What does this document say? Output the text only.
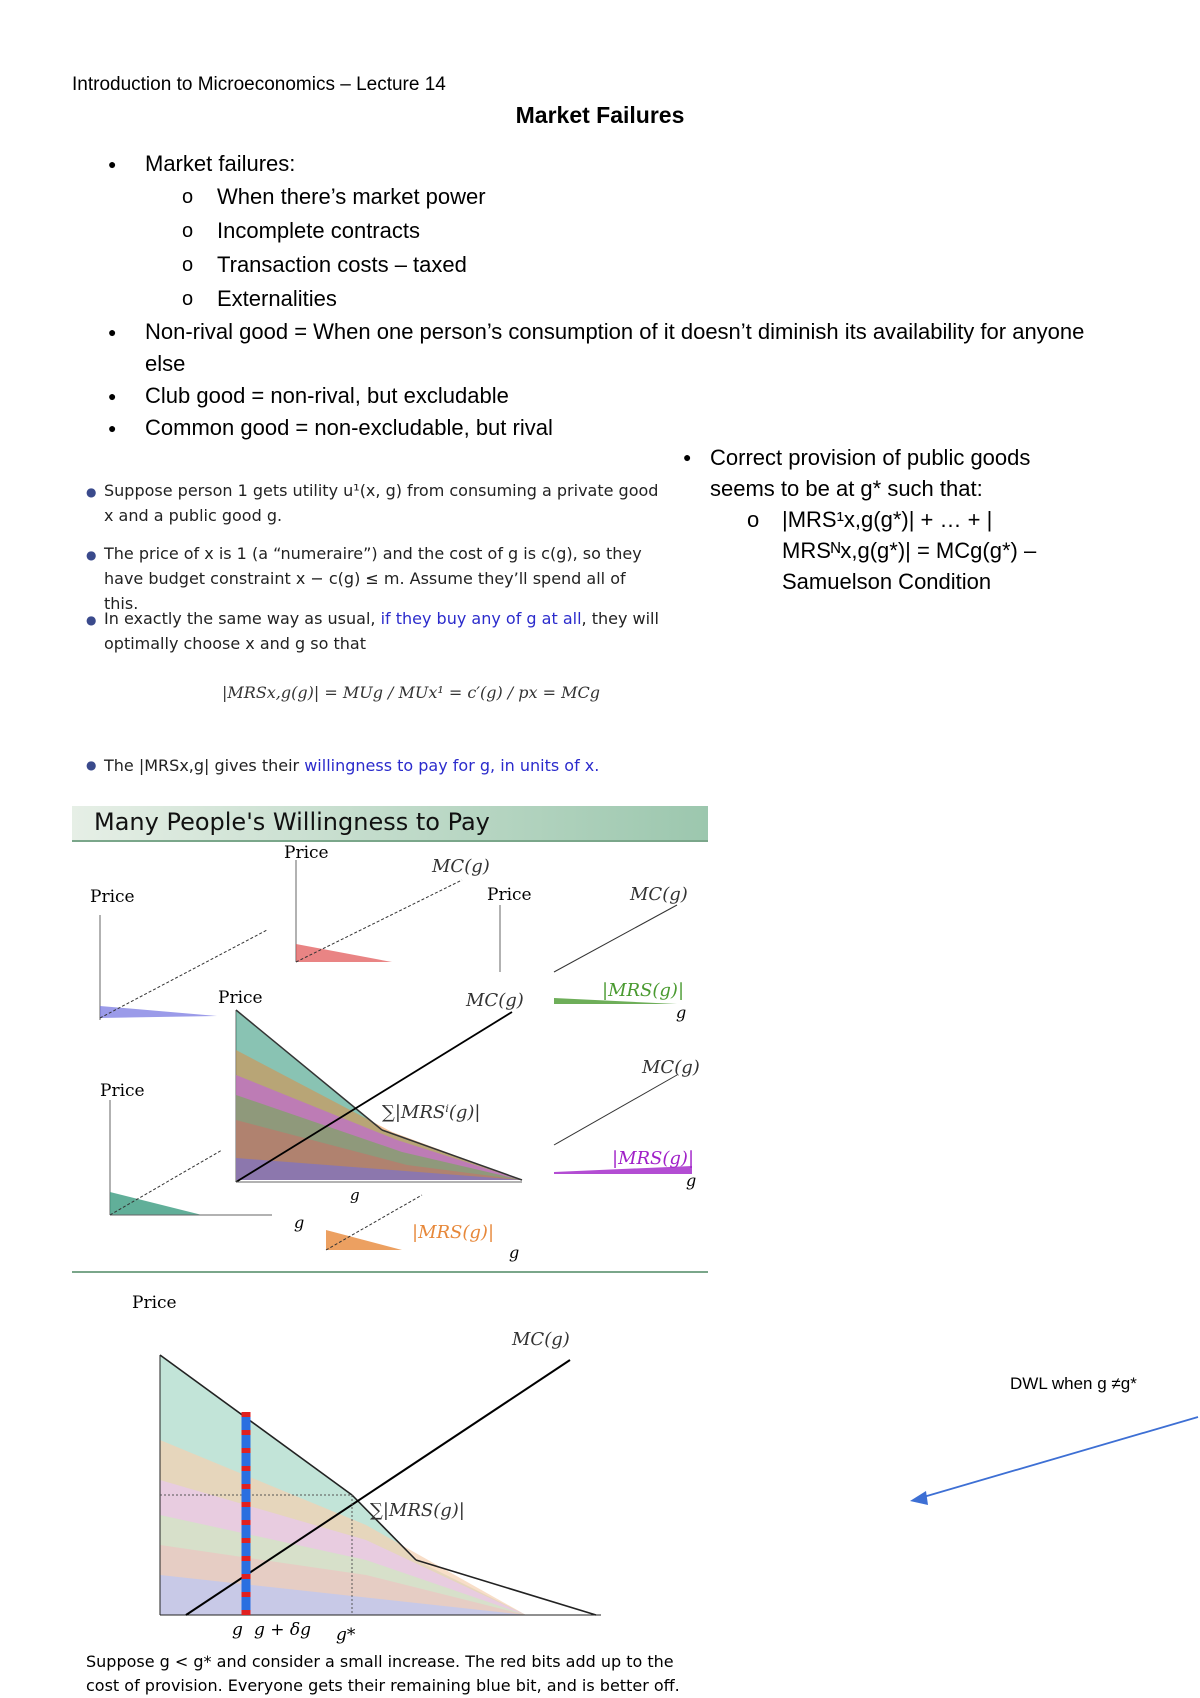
Introduction to Microeconomics – Lecture 14
Market Failures
● Market failures:
o When there’s market power
o Incomplete contracts
o Transaction costs – taxed
o Externalities
● Non-rival good = When one person’s consumption of it doesn’t diminish its availability for anyone else
● Club good = non-rival, but excludable
● Common good = non-excludable, but rival
● Suppose person 1 gets utility u¹(x, g) from consuming a private good x and a public good g.
● The price of x is 1 (a “numeraire”) and the cost of g is c(g), so they have budget constraint x − c(g) ≤ m. Assume they’ll spend all of this.
● In exactly the same way as usual, if they buy any of g at all, they will optimally choose x and g so that
|MRSx,g(g)| = MUg / MUx¹ = c′(g) / px = MCg
● The |MRSx,g| gives their willingness to pay for g, in units of x.
● Correct provision of public goods seems to be at g* such that:
o |MRS¹x,g(g*)| + … + | MRSᴺx,g(g*)| = MCg(g*) – Samuelson Condition
Many People's Willingness to Pay
Price
Price
MC(g)
Price	MC(g)
|MRS(g)|
g
MC(g)
|MRS(g)|
g
Price
|MRS(g)|
g
Price	MC(g)
∑|MRSⁱ(g)|
g
g
Price
MC(g)
∑|MRS(g)|
g g + δg g*
Suppose g < g* and consider a small increase. The red bits add up to the cost of provision. Everyone gets their remaining blue bit, and is better off.
DWL when g ≠g*
